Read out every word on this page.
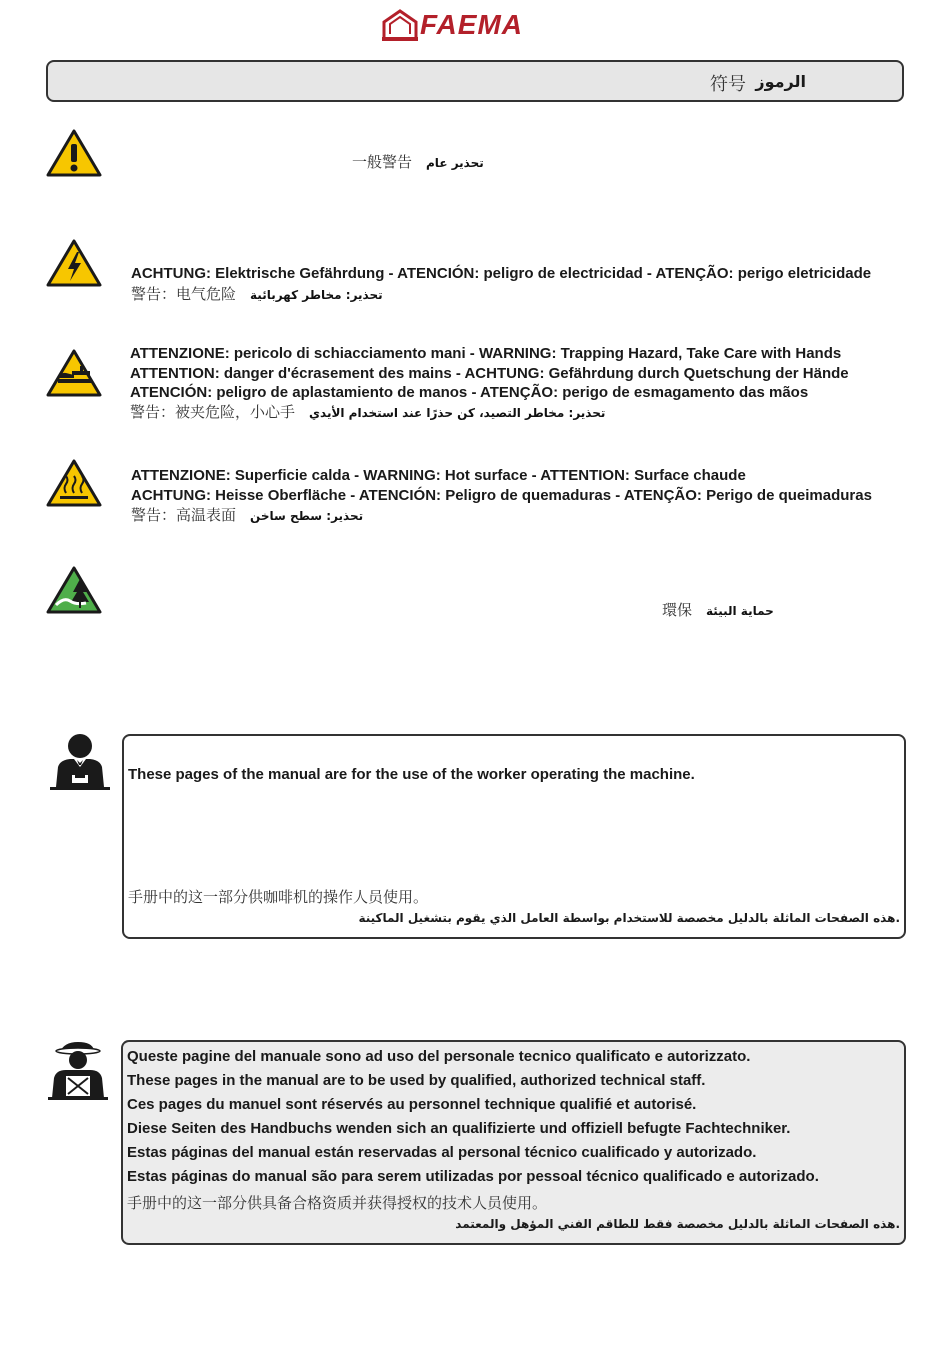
FAEMA
符号 الرموز
一般警告 تحذير عام
ACHTUNG: Elektrische Gefährdung - ATENCIÓN: peligro de electricidad - ATENÇÃO: perigo eletricidade
警告：电气危险 تحذير: مخاطر كهربائية
ATTENZIONE: pericolo di schiacciamento mani - WARNING: Trapping Hazard, Take Care with Hands
ATTENTION: danger d'écrasement des mains - ACHTUNG: Gefährdung durch Quetschung der Hände
ATENCIÓN: peligro de aplastamiento de manos - ATENÇÃO: perigo de esmagamento das mãos
警告：被夹危险，小心手 تحذير: مخاطر التصيد، كن حذرًا عند استخدام الأيدي
ATTENZIONE: Superficie calda - WARNING: Hot surface - ATTENTION: Surface chaude
ACHTUNG: Heisse Oberfläche - ATENCIÓN: Peligro de quemaduras - ATENÇÃO: Perigo de queimaduras
警告：高温表面 تحذير: سطح ساخن
環保 حماية البيئة
These pages of the manual are for the use of the worker operating the machine.
手册中的这一部分供咖啡机的操作人员使用。
هذه الصفحات الماثلة بالدليل مخصصة للاستخدام بواسطة العامل الذي يقوم بتشغيل الماكينة.
Queste pagine del manuale sono ad uso del personale tecnico qualificato e autorizzato.
These pages in the manual are to be used by qualified, authorized technical staff.
Ces pages du manuel sont réservés au personnel technique qualifié et autorisé.
Diese Seiten des Handbuchs wenden sich an qualifizierte und offiziell befugte Fachtechniker.
Estas páginas del manual están reservadas al personal técnico cualificado y autorizado.
Estas páginas do manual são para serem utilizadas por pessoal técnico qualificado e autorizado.
手册中的这一部分供具备合格资质并获得授权的技术人员使用。
هذه الصفحات الماثلة بالدليل مخصصة فقط للطاقم الفني المؤهل والمعتمد.
